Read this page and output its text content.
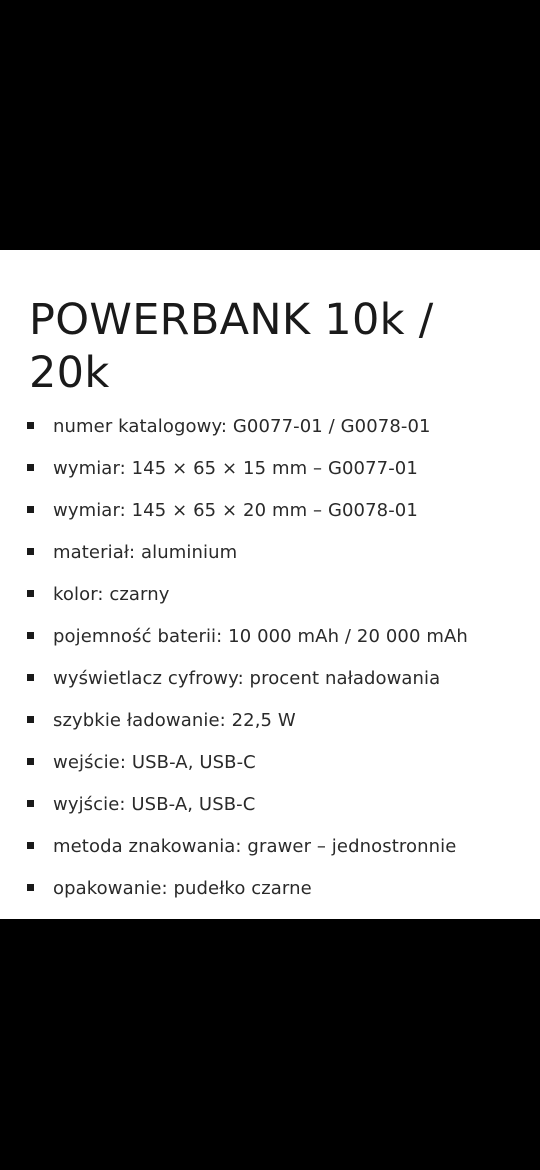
POWERBANK 10k / 20k
numer katalogowy: G0077-01 / G0078-01
wymiar: 145 × 65 × 15 mm – G0077-01
wymiar: 145 × 65 × 20 mm – G0078-01
materiał: aluminium
kolor: czarny
pojemność baterii: 10 000 mAh / 20 000 mAh
wyświetlacz cyfrowy: procent naładowania
szybkie ładowanie: 22,5 W
wejście: USB-A, USB-C
wyjście: USB-A, USB-C
metoda znakowania: grawer – jednostronnie
opakowanie: pudełko czarne
